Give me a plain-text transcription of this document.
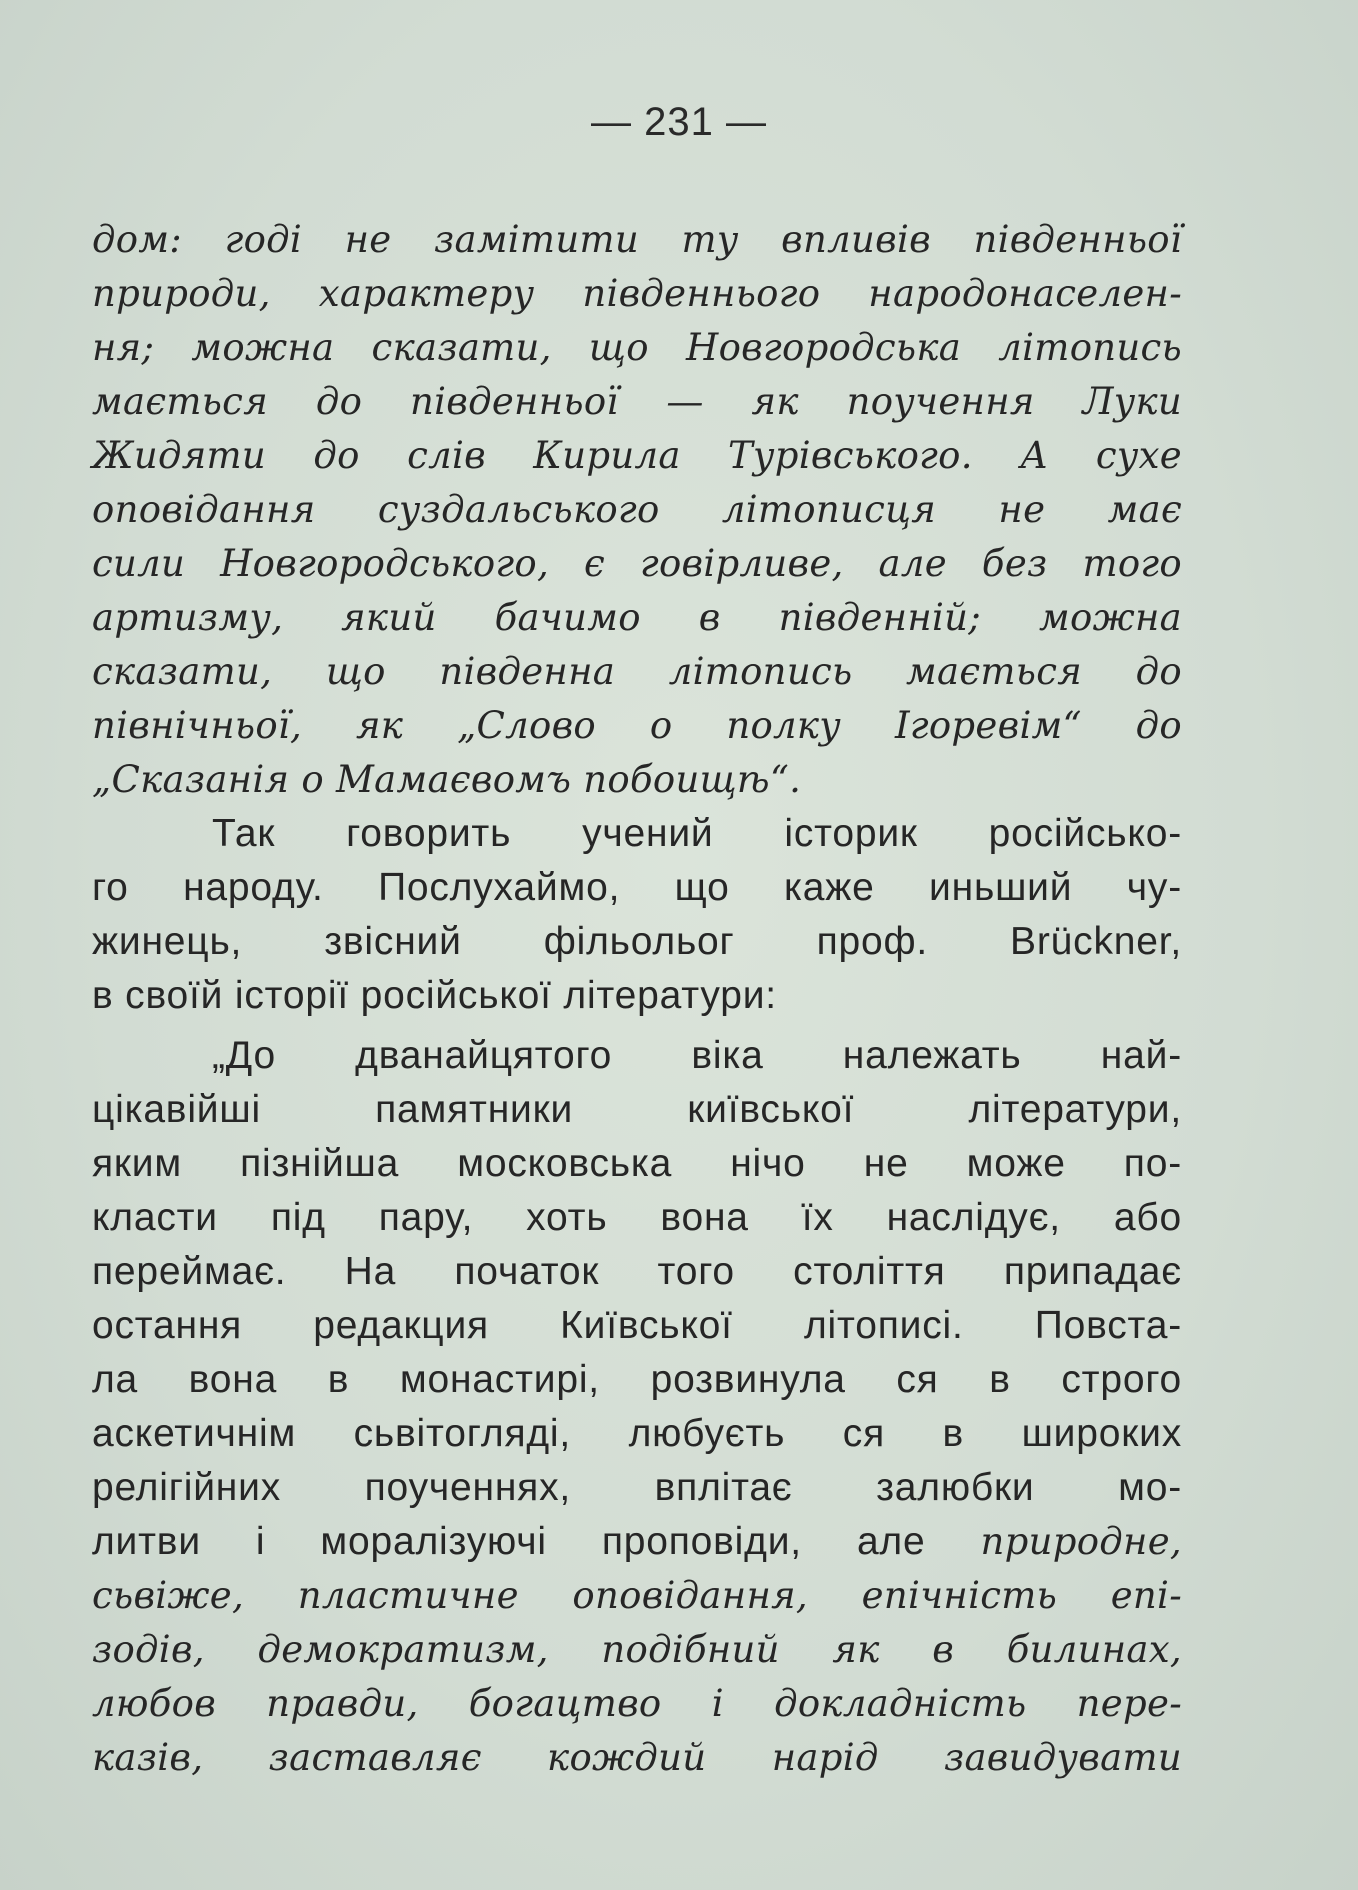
— 231 —
дом: годі не замітити ту впливів південньої
природи, характеру південнього народонаселен-
ня; можна сказати, що Новгородська літопись
мається до південньої — як поучення Луки
Жидяти до слів Кирила Турівського. А сухе
оповідання суздальського літописця не має
сили Новгородського, є говірливе, але без того
артизму, який бачимо в південній; можна
сказати, що південна літопись мається до
північньої, як „Слово о полку Ігоревім“ до
„Сказанія о Мамаєвомъ побоищѣ“.
Так говорить учений історик російсько-
го народу. Послухаймо, що каже иньший чу-
жинець, звісний фільольог проф. Brückner,
в своїй історії російської літератури:
„До дванайцятого віка належать най-
цікавійші памятники київської літератури,
яким пізнійша московська нічо не може по-
класти під пару, хоть вона їх наслідує, або
переймає. На початок того століття припадає
остання редакция Київської літописі. Повста-
ла вона в монастирі, розвинула ся в строго
аскетичнім сьвітогляді, любуєть ся в широких
релігійних поученнях, вплітає залюбки мо-
литви і моралізуючі проповіди, але природне,
сьвіже, пластичне оповідання, епічність епі-
зодів, демократизм, подібний як в билинах,
любов правди, богацтво і докладність пере-
казів, заставляє кождий нарід завидувати
